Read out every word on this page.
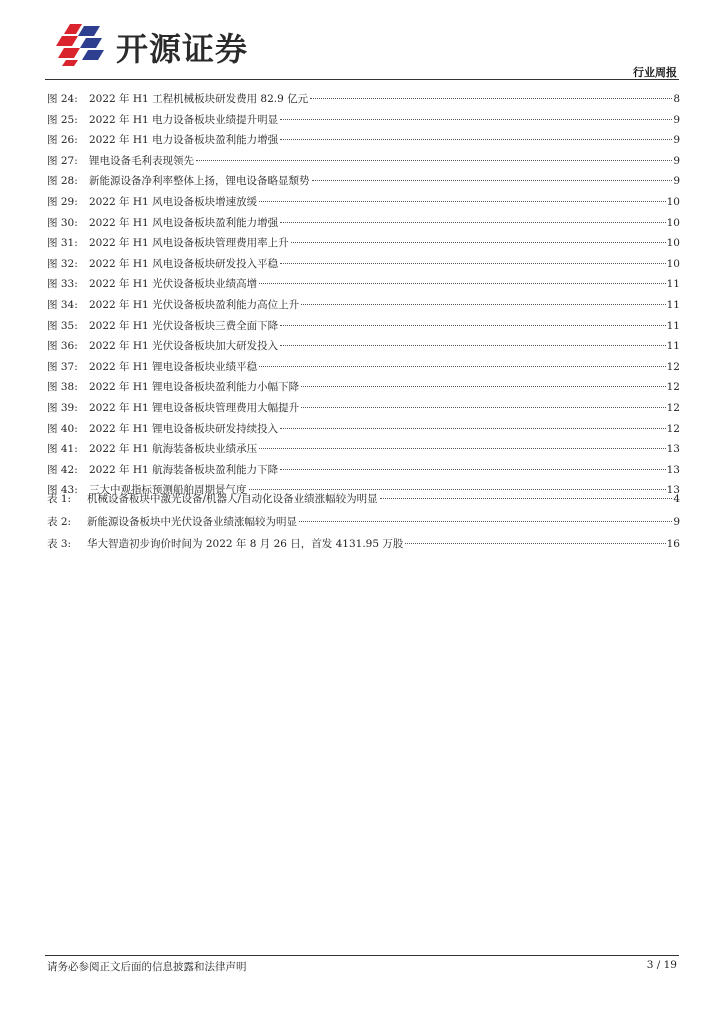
开源证券
行业周报
图 24:	2022 年 H1 工程机械板块研发费用 82.9 亿元	8
图 25:	2022 年 H1 电力设备板块业绩提升明显	9
图 26:	2022 年 H1 电力设备板块盈利能力增强	9
图 27:	锂电设备毛利表现领先	9
图 28:	新能源设备净利率整体上扬，锂电设备略显颓势	9
图 29:	2022 年 H1 风电设备板块增速放缓	10
图 30:	2022 年 H1 风电设备板块盈利能力增强	10
图 31:	2022 年 H1 风电设备板块管理费用率上升	10
图 32:	2022 年 H1 风电设备板块研发投入平稳	10
图 33:	2022 年 H1 光伏设备板块业绩高增	11
图 34:	2022 年 H1 光伏设备板块盈利能力高位上升	11
图 35:	2022 年 H1 光伏设备板块三费全面下降	11
图 36:	2022 年 H1 光伏设备板块加大研发投入	11
图 37:	2022 年 H1 锂电设备板块业绩平稳	12
图 38:	2022 年 H1 锂电设备板块盈利能力小幅下降	12
图 39:	2022 年 H1 锂电设备板块管理费用大幅提升	12
图 40:	2022 年 H1 锂电设备板块研发持续投入	12
图 41:	2022 年 H1 航海装备板块业绩承压	13
图 42:	2022 年 H1 航海装备板块盈利能力下降	13
图 43:	三大中观指标预测船舶周期景气度	13
表 1:	机械设备板块中激光设备/机器人/自动化设备业绩涨幅较为明显	4
表 2:	新能源设备板块中光伏设备业绩涨幅较为明显	9
表 3:	华大智造初步询价时间为 2022 年 8 月 26 日，首发 4131.95 万股	16
请务必参阅正文后面的信息披露和法律声明	3 / 19
